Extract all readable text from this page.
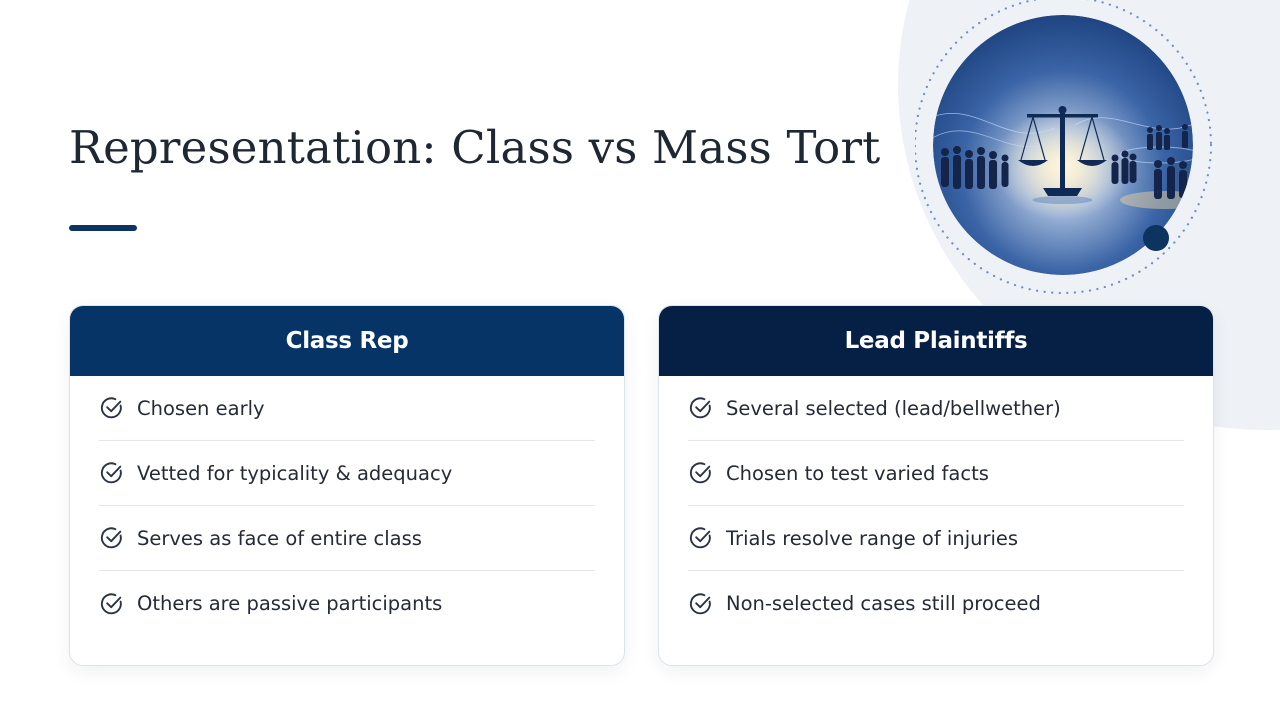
Representation: Class vs Mass Tort
Class Rep
Chosen early
Vetted for typicality & adequacy
Serves as face of entire class
Others are passive participants
Lead Plaintiffs
Several selected (lead/bellwether)
Chosen to test varied facts
Trials resolve range of injuries
Non-selected cases still proceed
